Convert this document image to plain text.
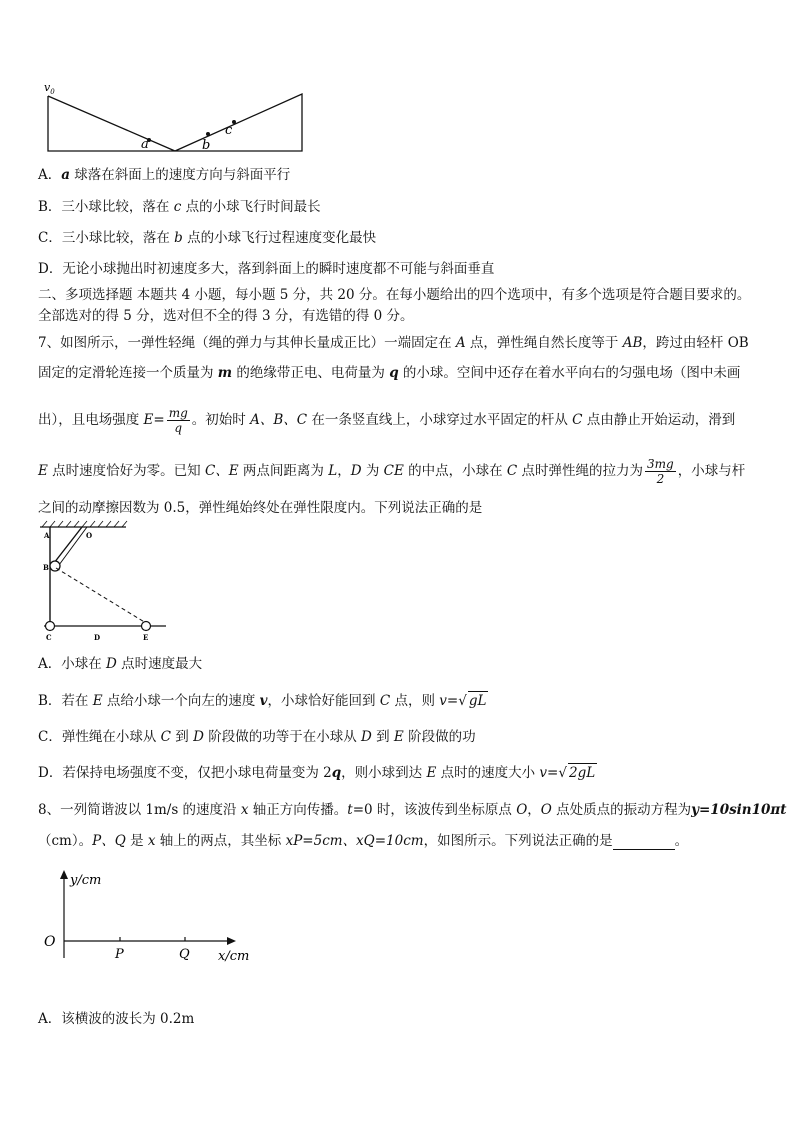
$v_0$
a	b
c
A．a 球落在斜面上的速度方向与斜面平行
B．三小球比较，落在 c 点的小球飞行时间最长
C．三小球比较，落在 b 点的小球飞行过程速度变化最快
D．无论小球抛出时初速度多大，落到斜面上的瞬时速度都不可能与斜面垂直
二、多项选择题 本题共 4 小题，每小题 5 分，共 20 分。在每小题给出的四个选项中，有多个选项是符合题目要求的。
全部选对的得 5 分，选对但不全的得 3 分，有选错的得 0 分。
7、如图所示，一弹性轻绳（绳的弹力与其伸长量成正比）一端固定在 A 点，弹性绳自然长度等于 AB，跨过由轻杆 OB
固定的定滑轮连接一个质量为 m 的绝缘带正电、电荷量为 q 的小球。空间中还存在着水平向右的匀强电场（图中未画
出），且电场强度 $E= \frac{mg}{q}$ 。初始时 A、B、C 在一条竖直线上，小球穿过水平固定的杆从 C 点由静止开始运动，滑到
E 点时速度恰好为零。已知 C、E 两点间距离为 L，D 为 CE 的中点，小球在 C 点时弹性绳的拉力为 $\frac{3mg}{2}$ ，小球与杆
之间的动摩擦因数为 0.5，弹性绳始终处在弹性限度内。下列说法正确的是
A	O
B
C	D	E
A．小球在 D 点时速度最大
B．若在 E 点给小球一个向左的速度 v，小球恰好能回到 C 点，则 v=√ gL
C．弹性绳在小球从 C 到 D 阶段做的功等于在小球从 D 到 E 阶段做的功
D．若保持电场强度不变，仅把小球电荷量变为 2q，则小球到达 E 点时的速度大小 v=√ 2gL
8、一列简谐波以 1m/s 的速度沿 x 轴正方向传播。t=0 时，该波传到坐标原点 O，O 点处质点的振动方程为y=10sin10πt
（cm）。P、Q 是 x 轴上的两点，其坐标 xP=5cm、xQ=10cm，如图所示。下列说法正确的是	。
y/cm
O
P	Q x/cm
A．该横波的波长为 0.2m
